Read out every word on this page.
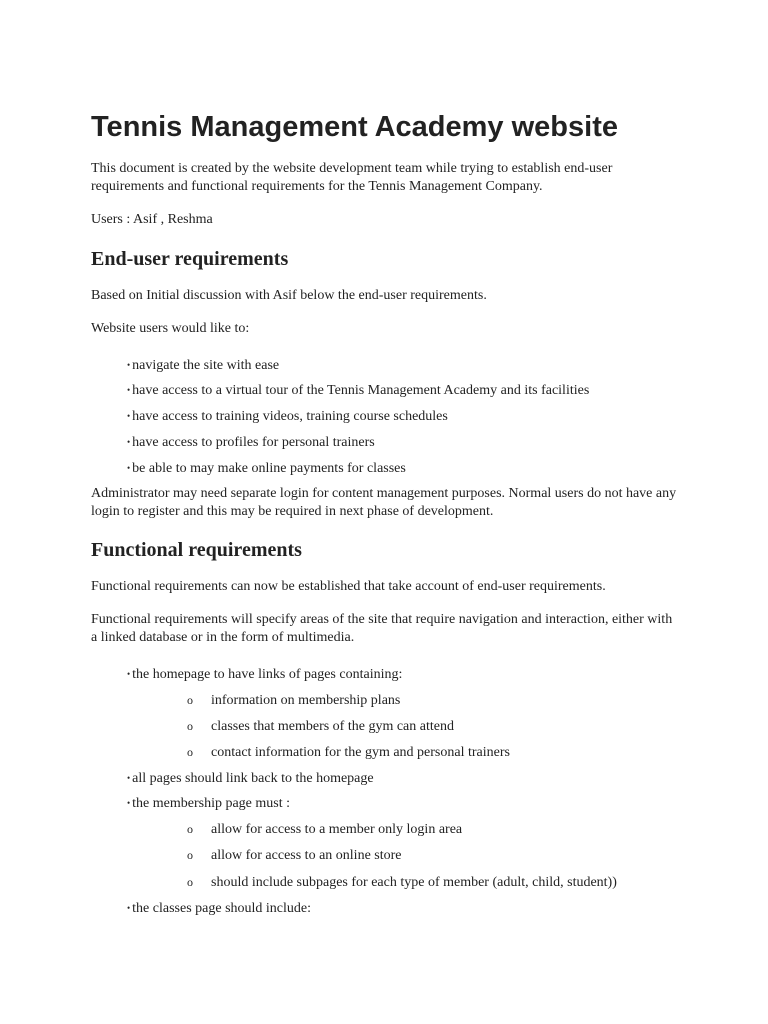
Tennis Management Academy website

This document is created by the website development team while trying to establish end-user requirements and functional requirements for the Tennis Management Company.

Users : Asif , Reshma

End-user requirements

Based on Initial discussion with Asif below the end-user requirements.

Website users would like to:

• navigate the site with ease
• have access to a virtual tour of the Tennis Management Academy and its facilities
• have access to training videos, training course schedules
• have access to profiles for personal trainers
• be able to may make online payments for classes

Administrator may need separate login for content management purposes. Normal users do not have any login to register and this may be required in next phase of development.

Functional requirements

Functional requirements can now be established that take account of end-user requirements.

Functional requirements will specify areas of the site that require navigation and interaction, either with a linked database or in the form of multimedia.

• the homepage to have links of pages containing:
o information on membership plans
o classes that members of the gym can attend
o contact information for the gym and personal trainers
• all pages should link back to the homepage
• the membership page must :
o allow for access to a member only login area
o allow for access to an online store
o should include subpages for each type of member (adult, child, student))
• the classes page should include:
